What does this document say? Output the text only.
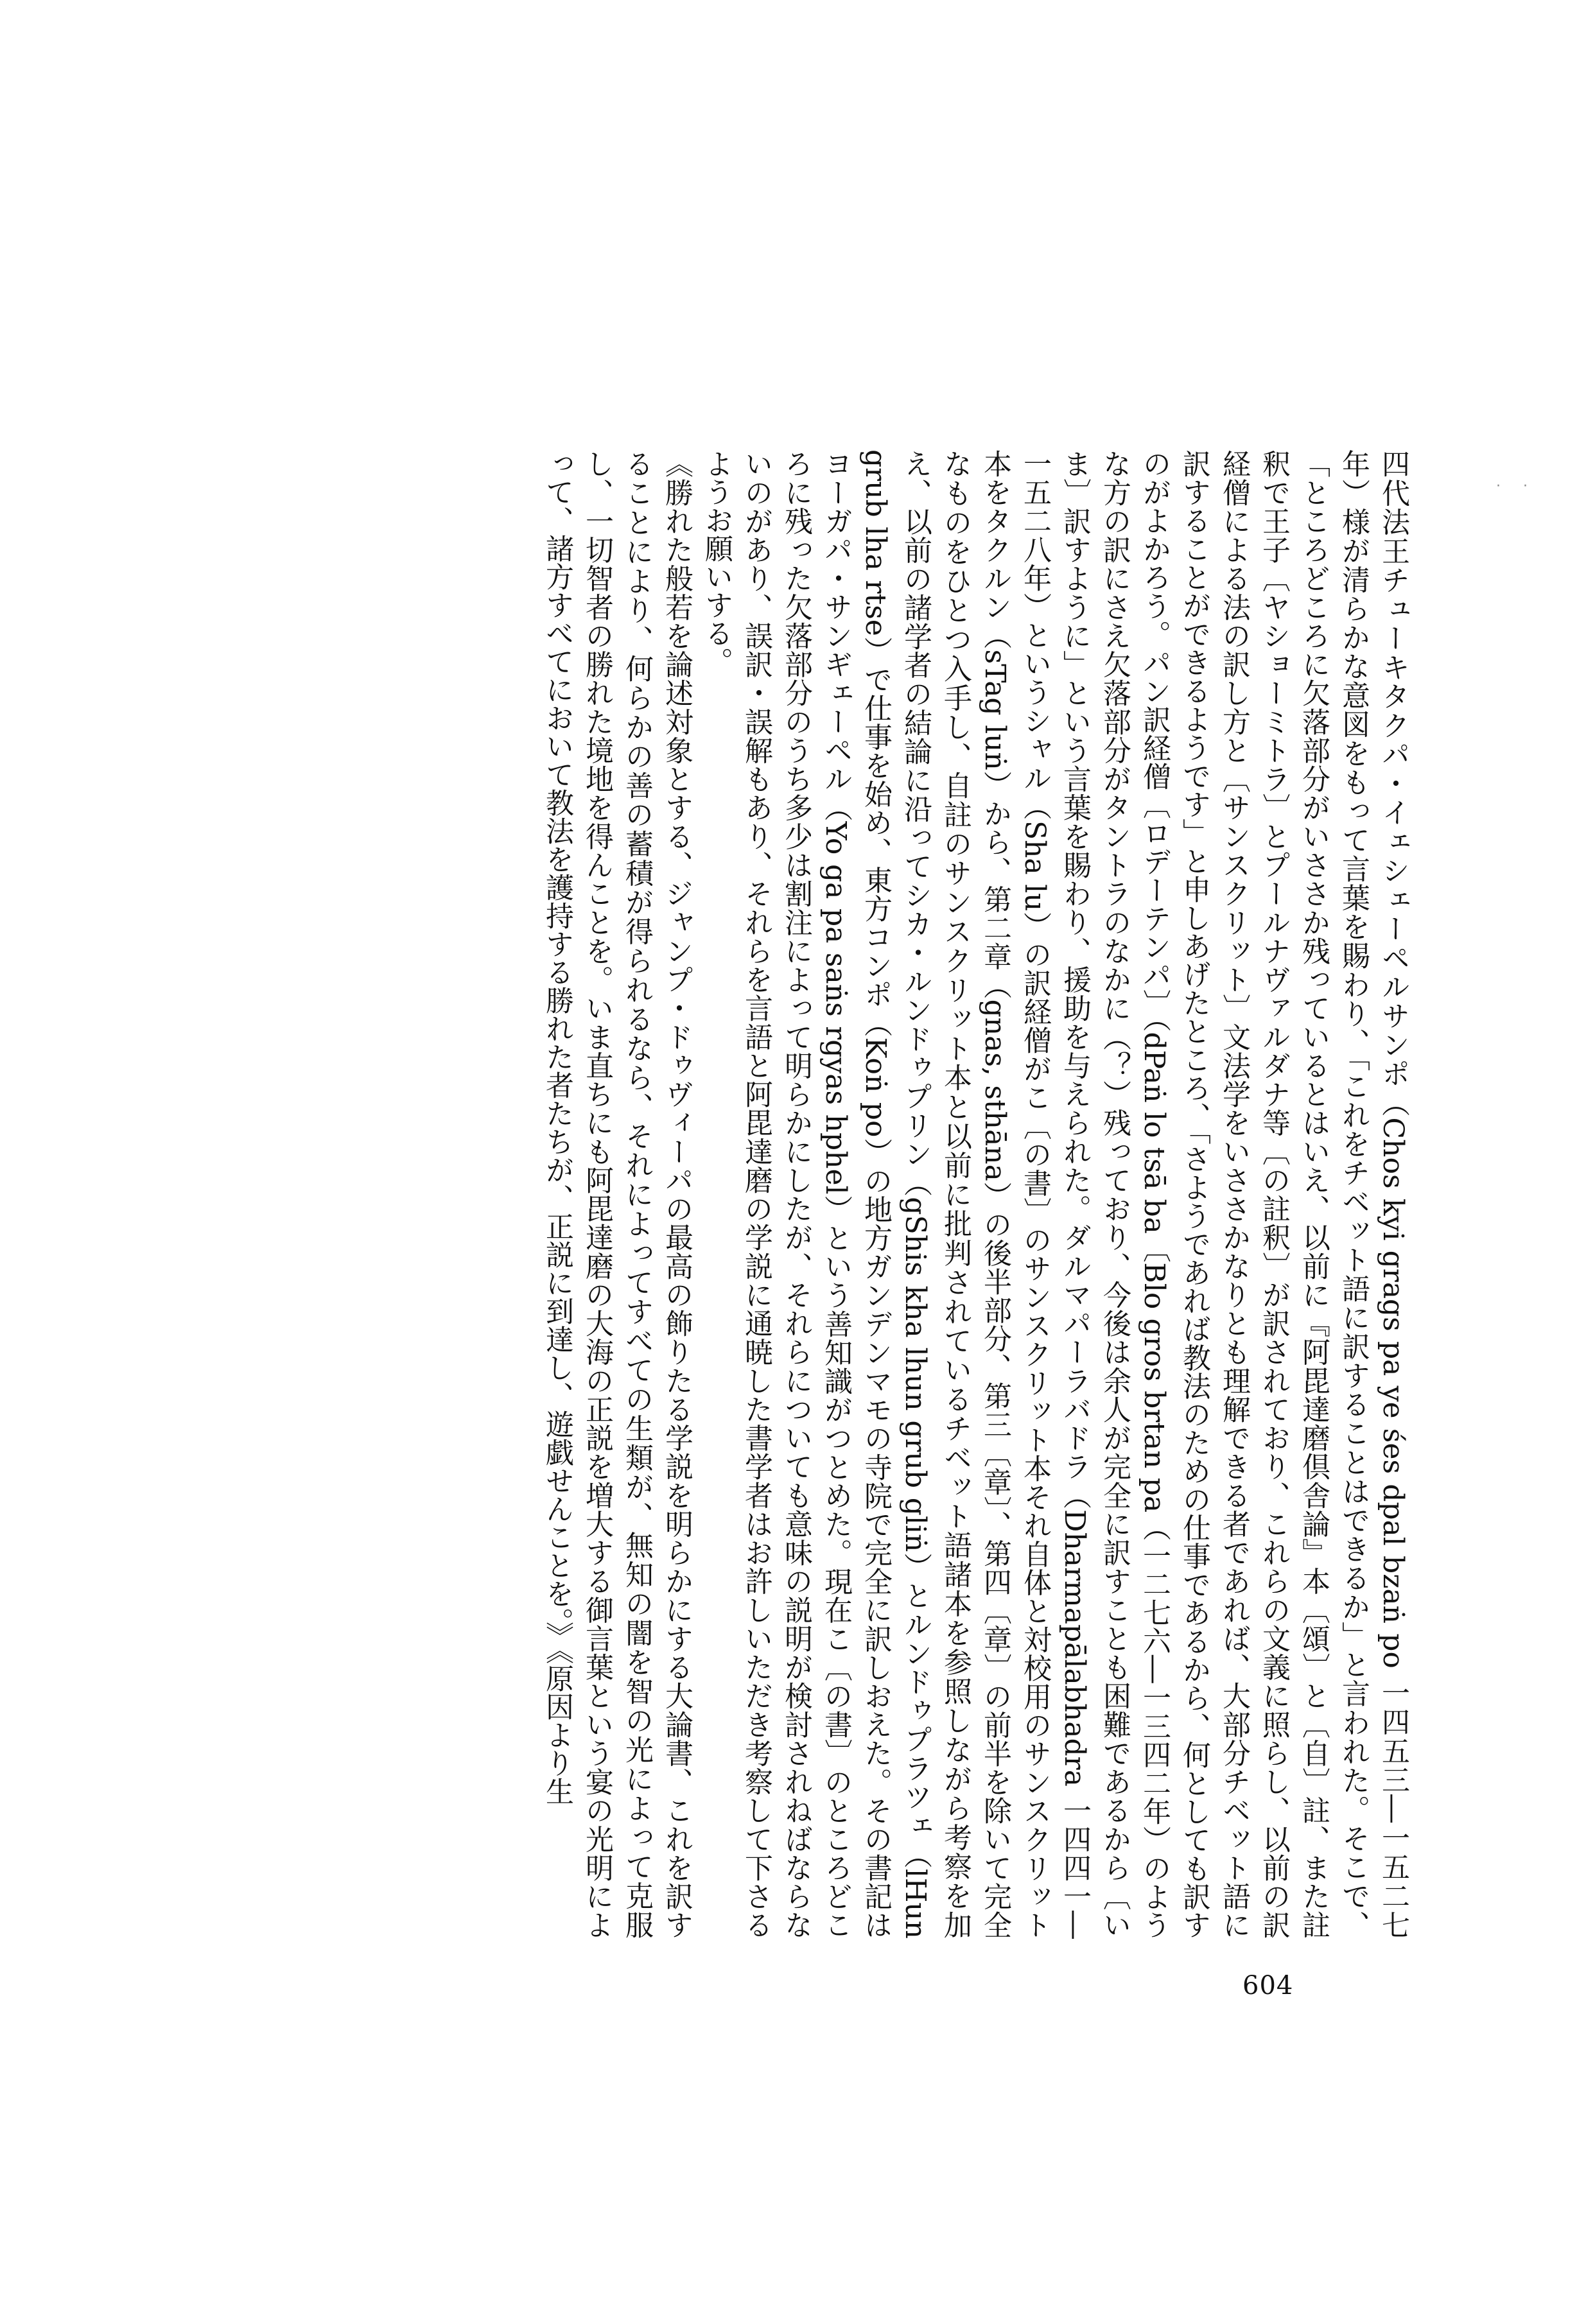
四代法王チューキタクパ・イェシェーペルサンポ（Chos kyi grags pa ye śes dpal bzaṅ po 一四五三―一五二七年）様が清らかな意図をもって言葉を賜わり、「これをチベット語に訳することはできるか」と言われた。そこで、「ところどころに欠落部分がいささか残っているとはいえ、以前に『阿毘達磨倶舎論』本〔頌〕と〔自〕註、また註釈で王子〔ヤショーミトラ〕とプールナヴァルダナ等〔の註釈〕が訳されており、これらの文義に照らし、以前の訳経僧による法の訳し方と〔サンスクリット〕文法学をいささかなりとも理解できる者であれば、大部分チベット語に訳することができるようです」と申しあげたところ、「さようであれば教法のための仕事であるから、何としても訳すのがよかろう。パン訳経僧〔ロデーテンパ〕（dPaṅ lo tsā ba〔Blo gros brtan pa（一二七六―一三四二年）のような方の訳にさえ欠落部分がタントラのなかに（？）残っており、今後は余人が完全に訳すことも困難であるから〔いま〕訳すように」という言葉を賜わり、援助を与えられた。ダルマパーラバドラ（Dharmapālabhadra 一四四一―一五二八年）というシャル（Sha lu）の訳経僧がこ〔の書〕のサンスクリット本それ自体と対校用のサンスクリット本をタクルン（sTag luṅ）から、第二章（gnas, sthāna）の後半部分、第三〔章〕、第四〔章〕の前半を除いて完全なものをひとつ入手し、自註のサンスクリット本と以前に批判されているチベット語諸本を参照しながら考察を加え、以前の諸学者の結論に沿ってシカ・ルンドゥプリン（gShis kha lhun grub gliṅ）とルンドゥプラツェ（lHun grub lha rtse）で仕事を始め、東方コンポ（Koṅ po）の地方ガンデンマモの寺院で完全に訳しおえた。その書記はヨーガパ・サンギェーペル（Yo ga pa saṅs rgyas hphel）という善知識がつとめた。現在こ〔の書〕のところどころに残った欠落部分のうち多少は割注によって明らかにしたが、それらについても意味の説明が検討されねばならないのがあり、誤訳・誤解もあり、それらを言語と阿毘達磨の学説に通暁した書学者はお許しいただき考察して下さるようお願いする。

《勝れた般若を論述対象とする、ジャンプ・ドゥヴィーパの最高の飾りたる学説を明らかにする大論書、これを訳することにより、何らかの善の蓄積が得られるなら、それによってすべての生類が、無知の闇を智の光によって克服し、一切智者の勝れた境地を得んことを。いま直ちにも阿毘達磨の大海の正説を増大する御言葉という宴の光明によって、諸方すべてにおいて教法を護持する勝れた者たちが、正説に到達し、遊戯せんことを。》《原因より生	· ·
604
